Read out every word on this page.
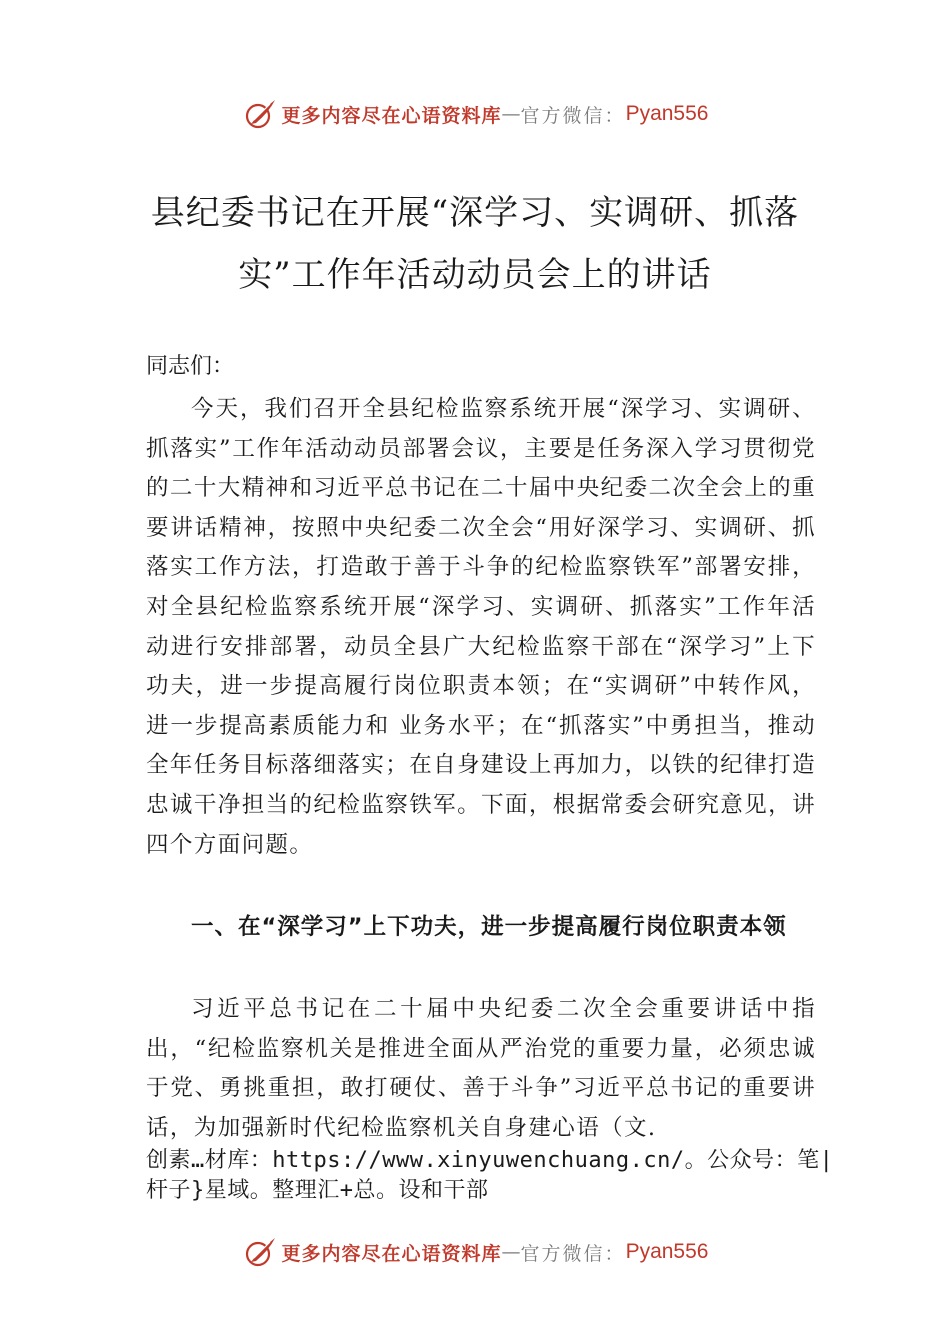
更多内容尽在心语资料库 — 官方微信： Pyan556
县纪委书记在开展“深学习、实调研、抓落实”工作年活动动员会上的讲话

同志们：

今天，我们召开全县纪检监察系统开展“深学习、实调研、抓落实”工作年活动动员部署会议，主要是任务深入学习贯彻党的二十大精神和习近平总书记在二十届中央纪委二次全会上的重要讲话精神，按照中央纪委二次全会“用好深学习、实调研、抓落实工作方法，打造敢于善于斗争的纪检监察铁军”部署安排，对全县纪检监察系统开展“深学习、实调研、抓落实”工作年活动进行安排部署，动员全县广大纪检监察干部在“深学习”上下功夫，进一步提高履行岗位职责本领；在“实调研”中转作风，进一步提高素质能力和 业务水平；在“抓落实”中勇担当，推动全年任务目标落细落实；在自身建设上再加力，以铁的纪律打造忠诚干净担当的纪检监察铁军。下面，根据常委会研究意见，讲四个方面问题。

一、在“深学习”上下功夫，进一步提高履行岗位职责本领

习近平总书记在二十届中央纪委二次全会重要讲话中指出，“纪检监察机关是推进全面从严治党的重要力量，必须忠诚于党、勇挑重担，敢打硬仗、善于斗争”习近平总书记的重要讲话，为加强新时代纪检监察机关自身建心语（文.

创素…材库：https://www.xinyuwenchuang.cn/。公众号：笔|杆子}星域。整理汇+总。设和干部

更多内容尽在心语资料库 — 官方微信： Pyan556
